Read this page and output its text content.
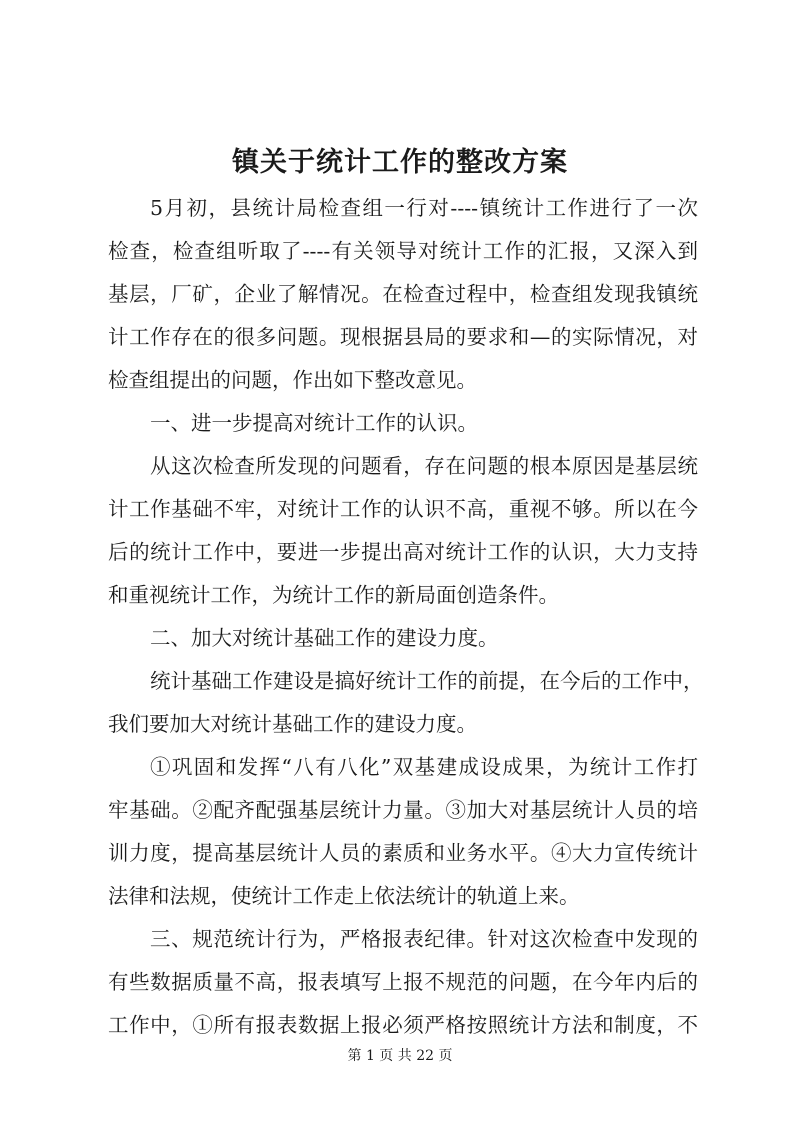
镇关于统计工作的整改方案

5月初，县统计局检查组一行对----镇统计工作进行了一次

检查，检查组听取了----有关领导对统计工作的汇报，又深入到

基层，厂矿，企业了解情况。在检查过程中，检查组发现我镇统

计工作存在的很多问题。现根据县局的要求和—的实际情况，对

检查组提出的问题，作出如下整改意见。

一、进一步提高对统计工作的认识。

从这次检查所发现的问题看，存在问题的根本原因是基层统

计工作基础不牢，对统计工作的认识不高，重视不够。所以在今

后的统计工作中，要进一步提出高对统计工作的认识，大力支持

和重视统计工作，为统计工作的新局面创造条件。

二、加大对统计基础工作的建设力度。

统计基础工作建设是搞好统计工作的前提，在今后的工作中，

我们要加大对统计基础工作的建设力度。

①巩固和发挥“八有八化”双基建成设成果，为统计工作打

牢基础。②配齐配强基层统计力量。③加大对基层统计人员的培

训力度，提高基层统计人员的素质和业务水平。④大力宣传统计

法律和法规，使统计工作走上依法统计的轨道上来。

三、规范统计行为，严格报表纪律。针对这次检查中发现的

有些数据质量不高，报表填写上报不规范的问题，在今年内后的

工作中，①所有报表数据上报必须严格按照统计方法和制度，不

第 1 页 共 22 页
